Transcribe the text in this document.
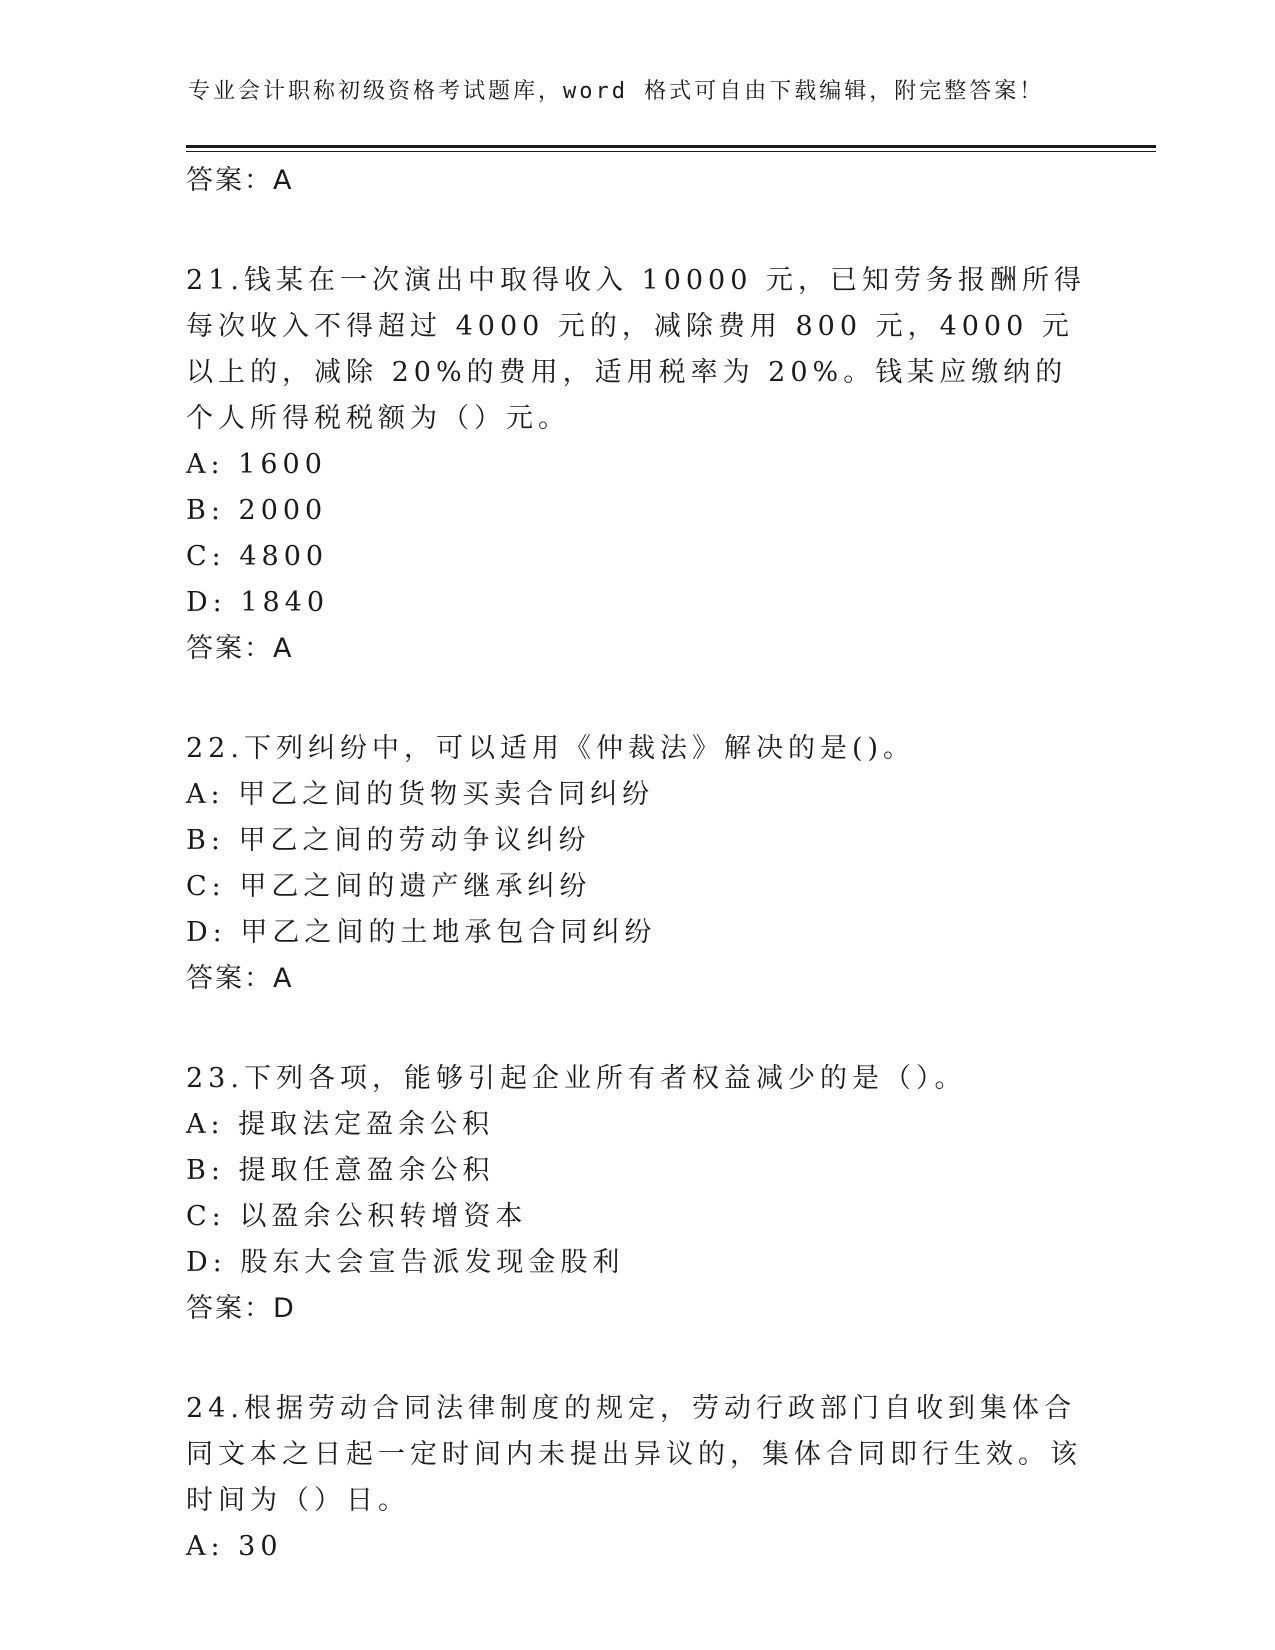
专业会计职称初级资格考试题库，word 格式可自由下载编辑，附完整答案！
答案：A
21.钱某在一次演出中取得收入 10000 元，已知劳务报酬所得每次收入不得超过 4000 元的，减除费用 800 元，4000 元以上的，减除 20%的费用，适用税率为 20%。钱某应缴纳的个人所得税税额为（）元。
A: 1600
B: 2000
C: 4800
D: 1840
答案：A
22.下列纠纷中，可以适用《仲裁法》解决的是()。
A: 甲乙之间的货物买卖合同纠纷
B: 甲乙之间的劳动争议纠纷
C: 甲乙之间的遗产继承纠纷
D: 甲乙之间的土地承包合同纠纷
答案：A
23.下列各项，能够引起企业所有者权益减少的是（）。
A: 提取法定盈余公积
B: 提取任意盈余公积
C: 以盈余公积转增资本
D: 股东大会宣告派发现金股利
答案：D
24.根据劳动合同法律制度的规定，劳动行政部门自收到集体合同文本之日起一定时间内未提出异议的，集体合同即行生效。该时间为（）日。
A: 30
